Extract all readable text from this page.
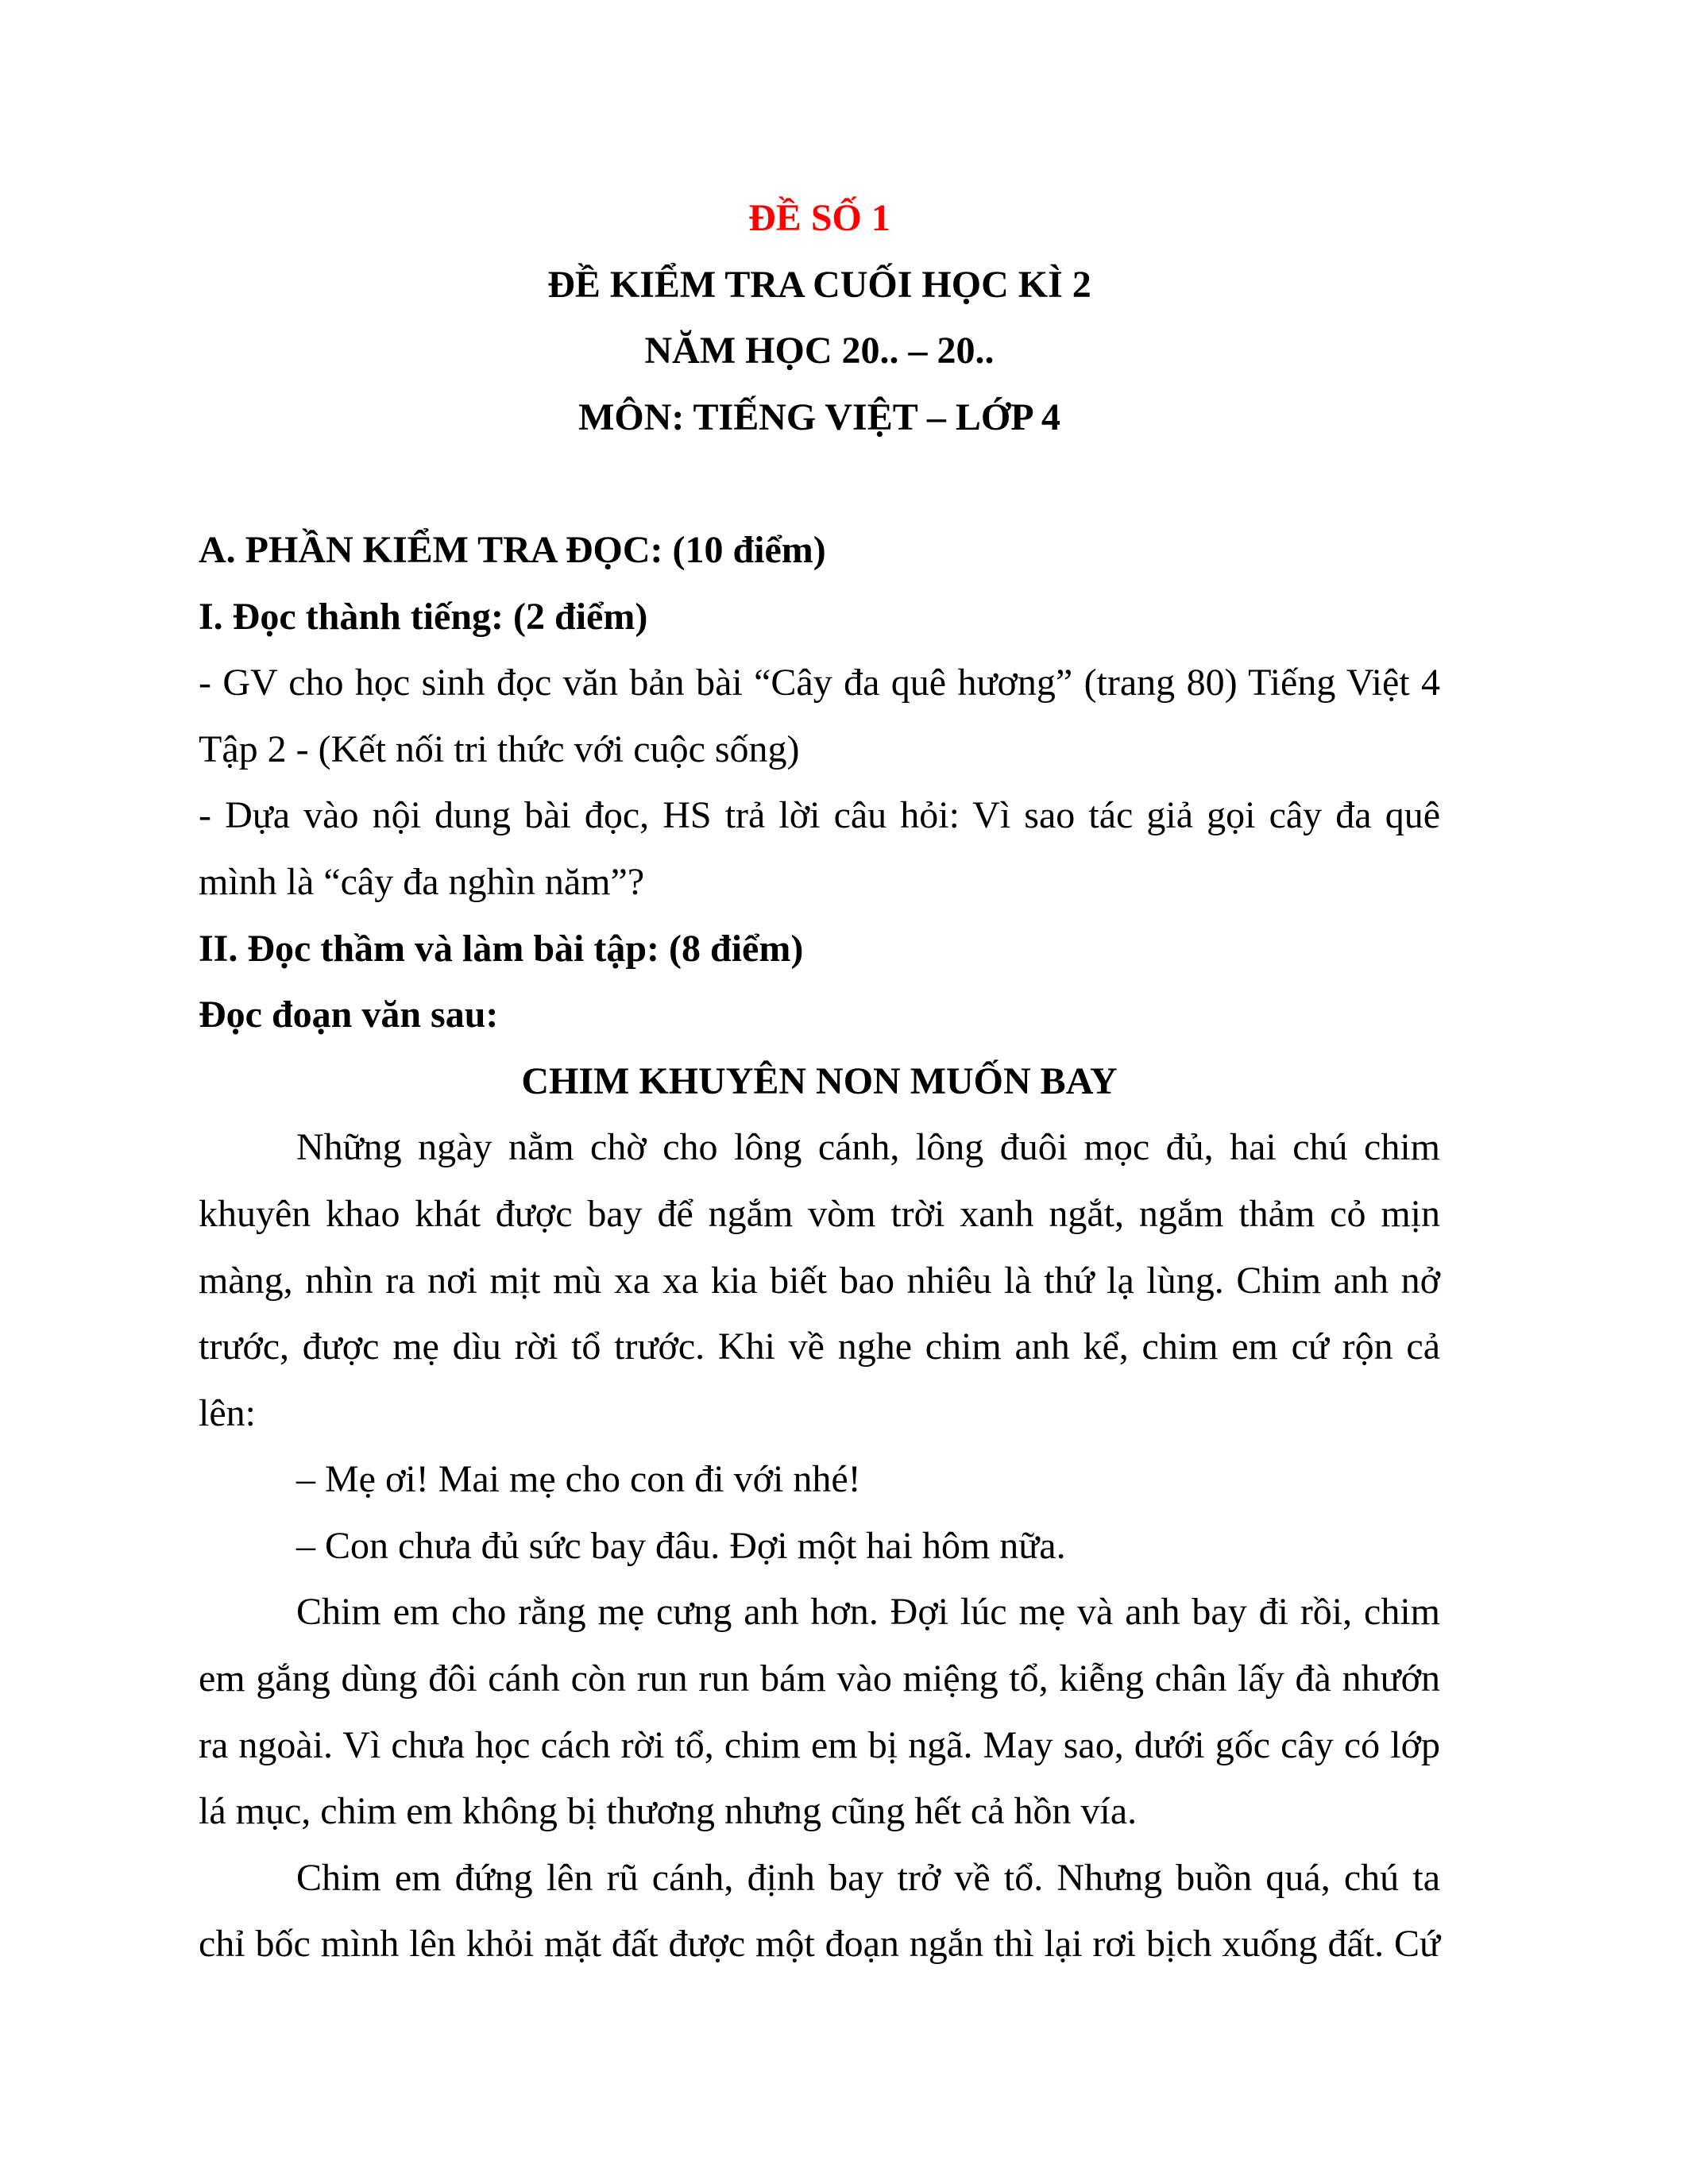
ĐỀ SỐ 1
ĐỀ KIỂM TRA CUỐI HỌC KÌ 2
NĂM HỌC 20.. – 20..
MÔN: TIẾNG VIỆT – LỚP 4
A. PHẦN KIỂM TRA ĐỌC: (10 điểm)
I. Đọc thành tiếng: (2 điểm)
- GV cho học sinh đọc văn bản bài “Cây đa quê hương” (trang 80) Tiếng Việt 4
Tập 2 - (Kết nối tri thức với cuộc sống)
- Dựa vào nội dung bài đọc, HS trả lời câu hỏi: Vì sao tác giả gọi cây đa quê
mình là “cây đa nghìn năm”?
II. Đọc thầm và làm bài tập: (8 điểm)
Đọc đoạn văn sau:
CHIM KHUYÊN NON MUỐN BAY
Những ngày nằm chờ cho lông cánh, lông đuôi mọc đủ, hai chú chim
khuyên khao khát được bay để ngắm vòm trời xanh ngắt, ngắm thảm cỏ mịn
màng, nhìn ra nơi mịt mù xa xa kia biết bao nhiêu là thứ lạ lùng. Chim anh nở
trước, được mẹ dìu rời tổ trước. Khi về nghe chim anh kể, chim em cứ rộn cả
lên:
– Mẹ ơi! Mai mẹ cho con đi với nhé!
– Con chưa đủ sức bay đâu. Đợi một hai hôm nữa.
Chim em cho rằng mẹ cưng anh hơn. Đợi lúc mẹ và anh bay đi rồi, chim
em gắng dùng đôi cánh còn run run bám vào miệng tổ, kiễng chân lấy đà nhướn
ra ngoài. Vì chưa học cách rời tổ, chim em bị ngã. May sao, dưới gốc cây có lớp
lá mục, chim em không bị thương nhưng cũng hết cả hồn vía.
Chim em đứng lên rũ cánh, định bay trở về tổ. Nhưng buồn quá, chú ta
chỉ bốc mình lên khỏi mặt đất được một đoạn ngắn thì lại rơi bịch xuống đất. Cứ
